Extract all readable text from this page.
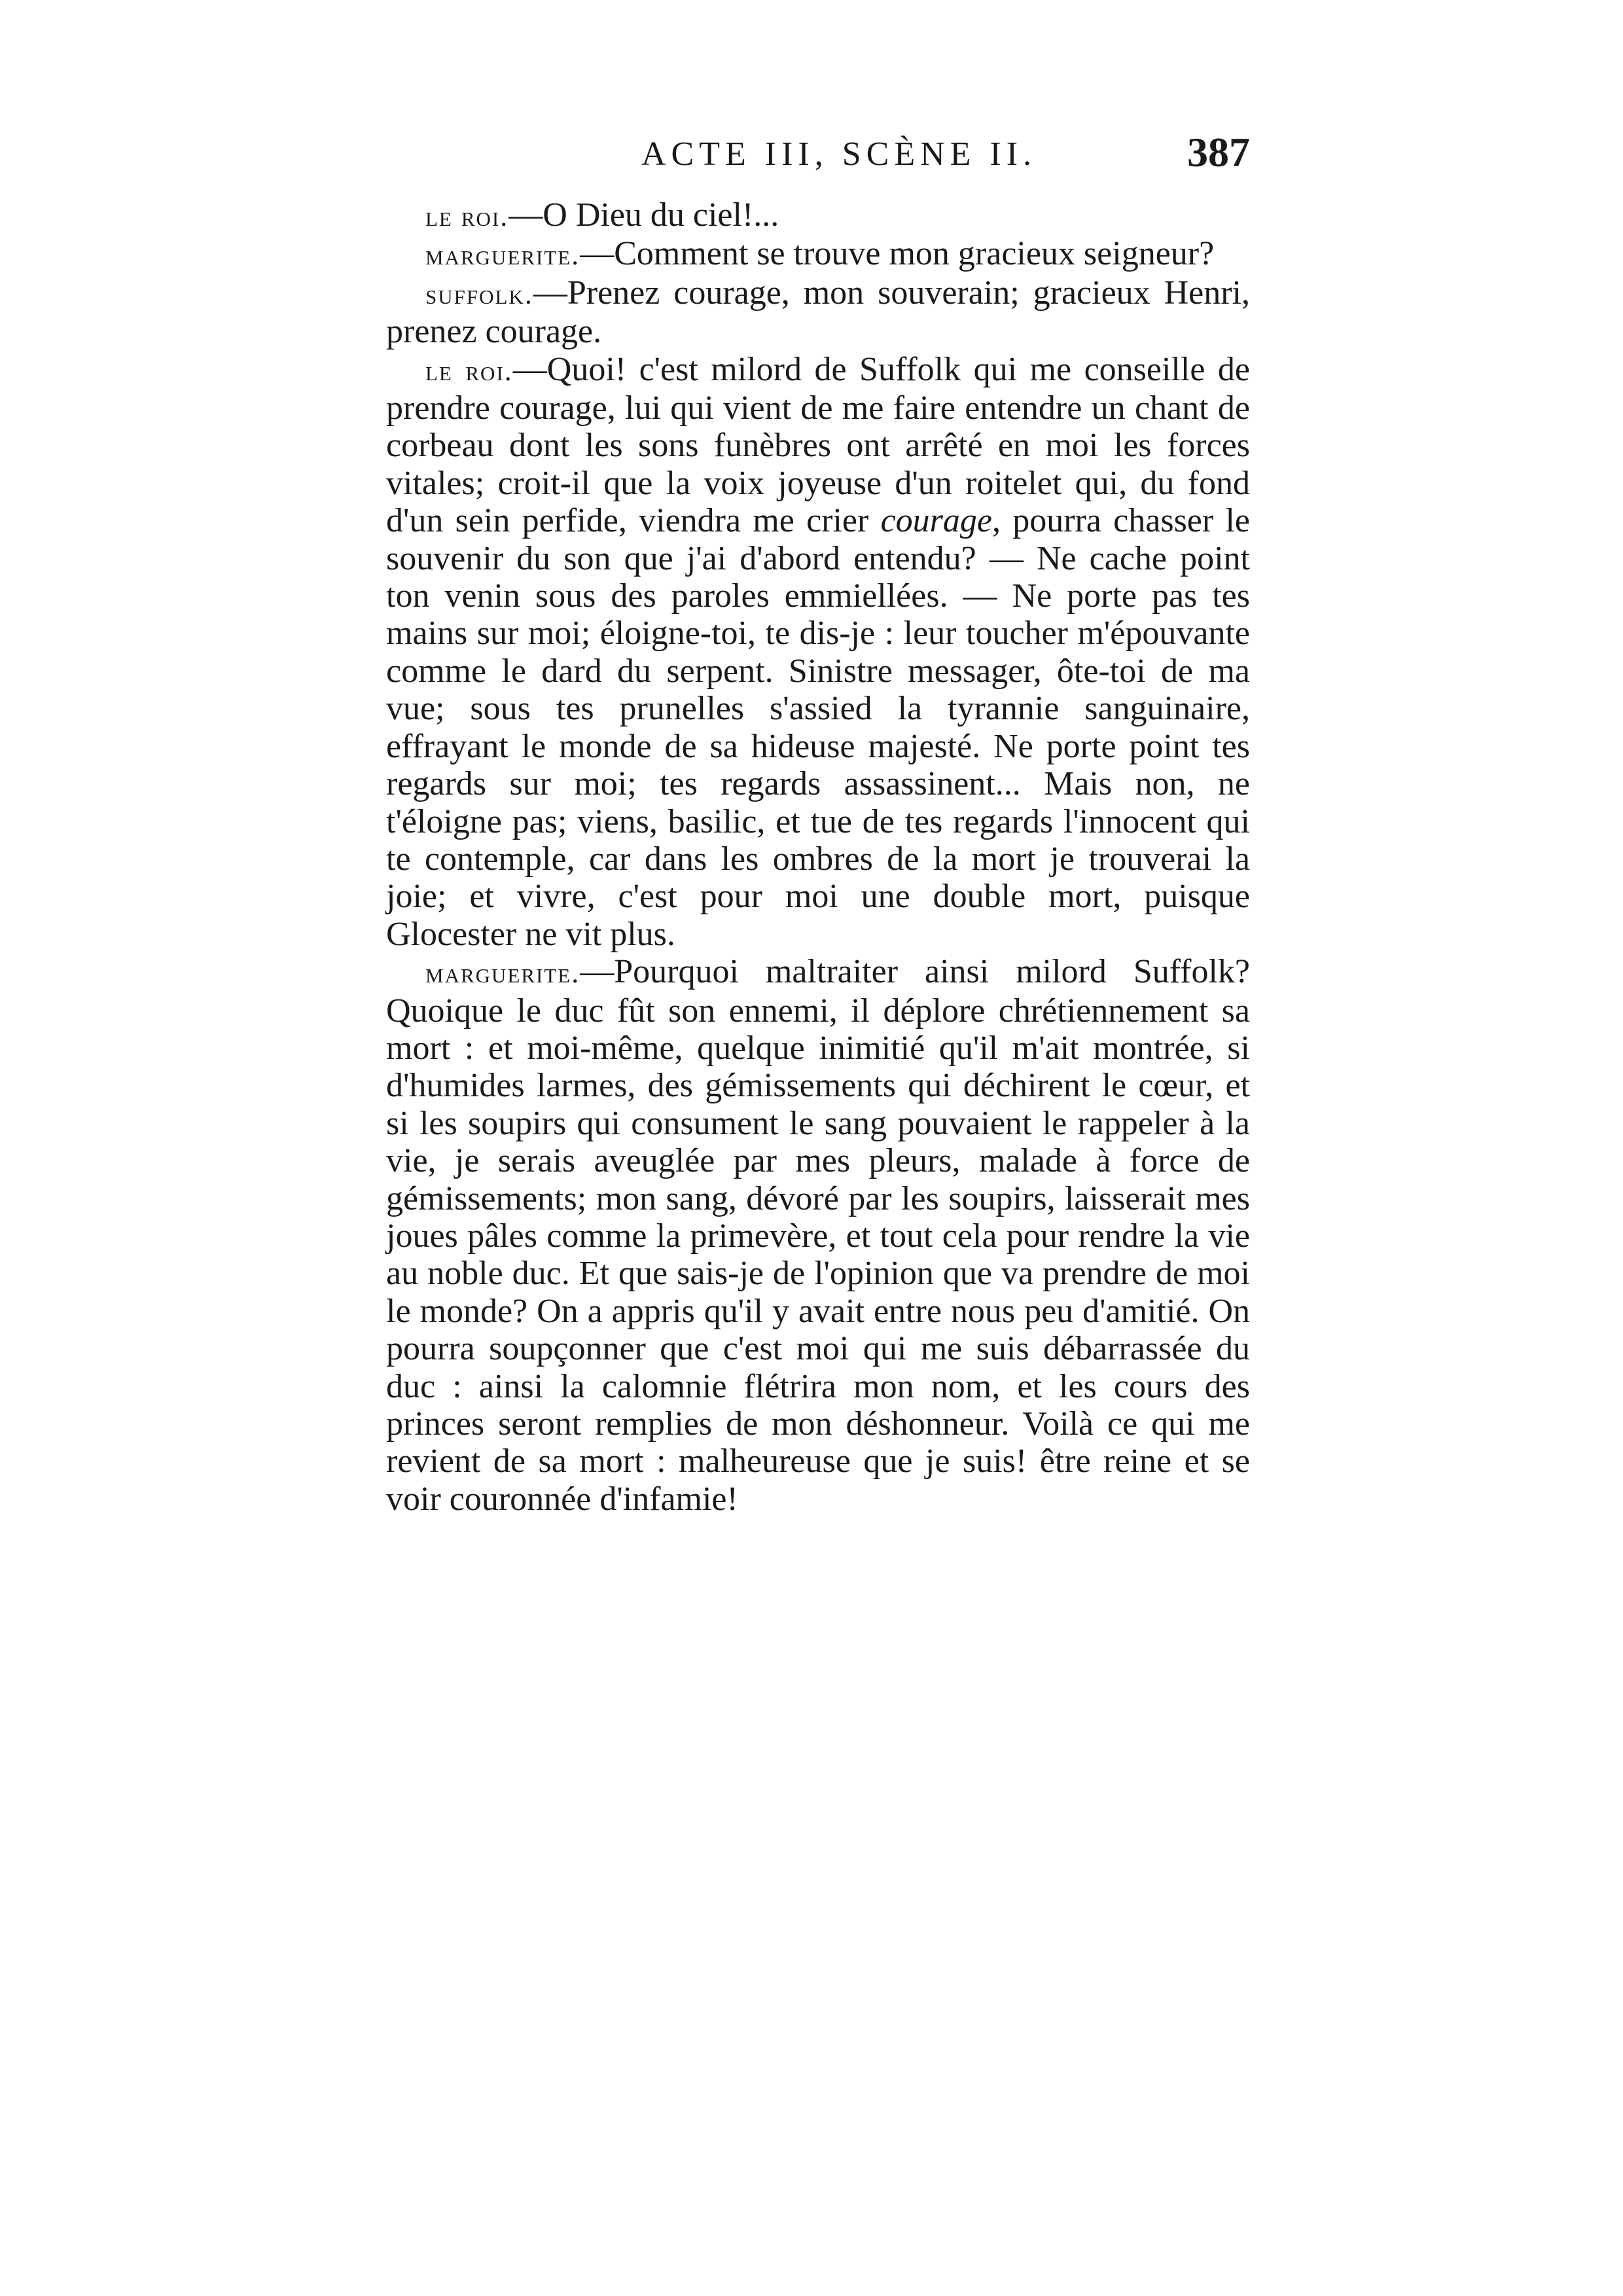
ACTE III, SCÈNE II.	387

le roi.—O Dieu du ciel!...

marguerite.—Comment se trouve mon gracieux seigneur?

suffolk.—Prenez courage, mon souverain; gracieux Henri, prenez courage.

le roi.—Quoi! c'est milord de Suffolk qui me conseille de prendre courage, lui qui vient de me faire entendre un chant de corbeau dont les sons funèbres ont arrêté en moi les forces vitales; croit-il que la voix joyeuse d'un roitelet qui, du fond d'un sein perfide, viendra me crier courage, pourra chasser le souvenir du son que j'ai d'abord entendu? — Ne cache point ton venin sous des paroles emmiellées. — Ne porte pas tes mains sur moi; éloigne-toi, te dis-je : leur toucher m'épouvante comme le dard du serpent. Sinistre messager, ôte-toi de ma vue; sous tes prunelles s'assied la tyrannie sanguinaire, effrayant le monde de sa hideuse majesté. Ne porte point tes regards sur moi; tes regards assassinent... Mais non, ne t'éloigne pas; viens, basilic, et tue de tes regards l'innocent qui te contemple, car dans les ombres de la mort je trouverai la joie; et vivre, c'est pour moi une double mort, puisque Glocester ne vit plus.

marguerite.—Pourquoi maltraiter ainsi milord Suffolk? Quoique le duc fût son ennemi, il déplore chrétiennement sa mort : et moi-même, quelque inimitié qu'il m'ait montrée, si d'humides larmes, des gémissements qui déchirent le cœur, et si les soupirs qui consument le sang pouvaient le rappeler à la vie, je serais aveuglée par mes pleurs, malade à force de gémissements; mon sang, dévoré par les soupirs, laisserait mes joues pâles comme la primevère, et tout cela pour rendre la vie au noble duc. Et que sais-je de l'opinion que va prendre de moi le monde? On a appris qu'il y avait entre nous peu d'amitié. On pourra soupçonner que c'est moi qui me suis débarrassée du duc : ainsi la calomnie flétrira mon nom, et les cours des princes seront remplies de mon déshonneur. Voilà ce qui me revient de sa mort : malheureuse que je suis! être reine et se voir couronnée d'infamie!
